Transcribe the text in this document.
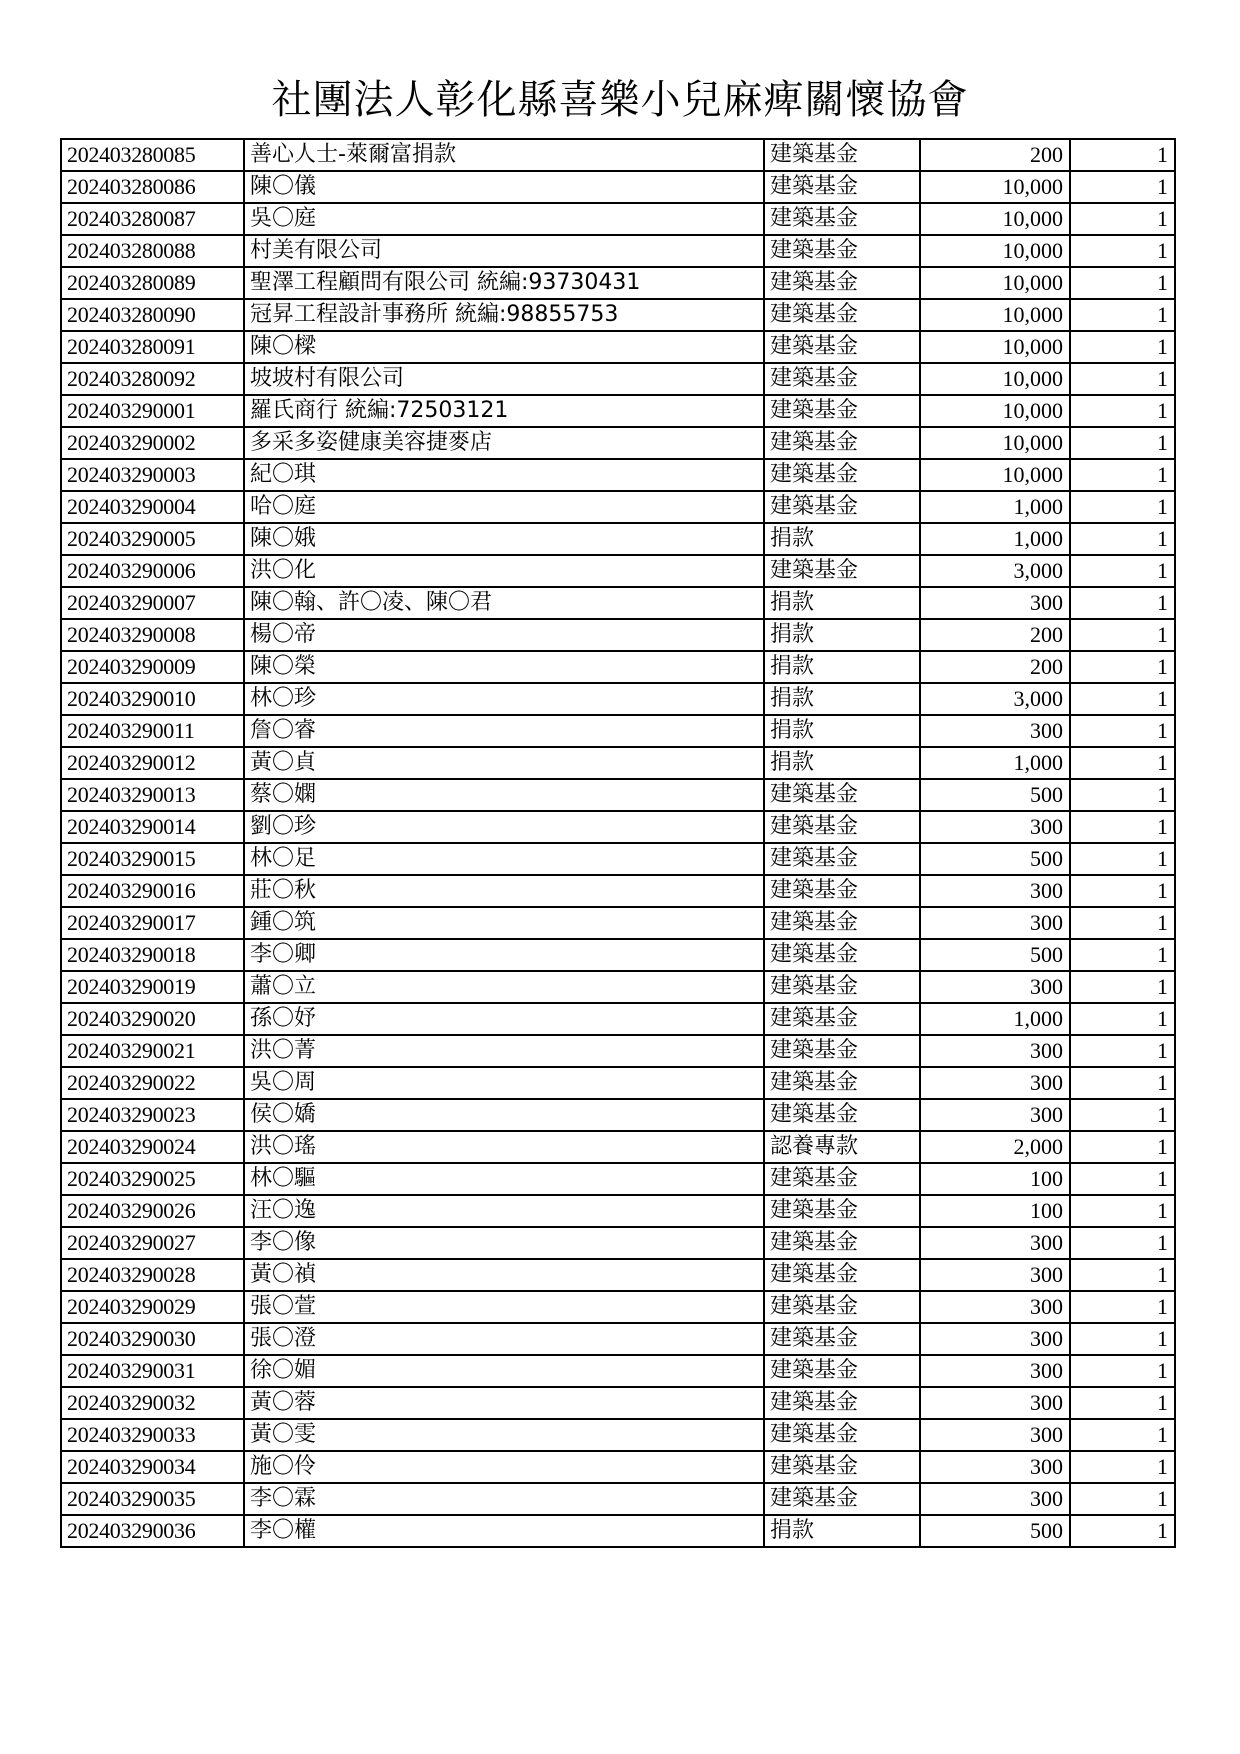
社團法人彰化縣喜樂小兒麻痺關懷協會
202403280085	善心人士-萊爾富捐款	建築基金	200	1
202403280086	陳〇儀	建築基金	10,000	1
202403280087	吳〇庭	建築基金	10,000	1
202403280088	村美有限公司	建築基金	10,000	1
202403280089	聖澤工程顧問有限公司 統編:93730431	建築基金	10,000	1
202403280090	冠昇工程設計事務所 統編:98855753	建築基金	10,000	1
202403280091	陳〇樑	建築基金	10,000	1
202403280092	坡坡村有限公司	建築基金	10,000	1
202403290001	羅氏商行 統編:72503121	建築基金	10,000	1
202403290002	多采多姿健康美容捷麥店	建築基金	10,000	1
202403290003	紀〇琪	建築基金	10,000	1
202403290004	哈〇庭	建築基金	1,000	1
202403290005	陳〇娥	捐款	1,000	1
202403290006	洪〇化	建築基金	3,000	1
202403290007	陳〇翰、許〇凌、陳〇君	捐款	300	1
202403290008	楊〇帝	捐款	200	1
202403290009	陳〇榮	捐款	200	1
202403290010	林〇珍	捐款	3,000	1
202403290011	詹〇睿	捐款	300	1
202403290012	黃〇貞	捐款	1,000	1
202403290013	蔡〇嫻	建築基金	500	1
202403290014	劉〇珍	建築基金	300	1
202403290015	林〇足	建築基金	500	1
202403290016	莊〇秋	建築基金	300	1
202403290017	鍾〇筑	建築基金	300	1
202403290018	李〇卿	建築基金	500	1
202403290019	蕭〇立	建築基金	300	1
202403290020	孫〇妤	建築基金	1,000	1
202403290021	洪〇菁	建築基金	300	1
202403290022	吳〇周	建築基金	300	1
202403290023	侯〇嬌	建築基金	300	1
202403290024	洪〇瑤	認養專款	2,000	1
202403290025	林〇驅	建築基金	100	1
202403290026	汪〇逸	建築基金	100	1
202403290027	李〇像	建築基金	300	1
202403290028	黃〇禎	建築基金	300	1
202403290029	張〇萱	建築基金	300	1
202403290030	張〇澄	建築基金	300	1
202403290031	徐〇媚	建築基金	300	1
202403290032	黃〇蓉	建築基金	300	1
202403290033	黃〇雯	建築基金	300	1
202403290034	施〇伶	建築基金	300	1
202403290035	李〇霖	建築基金	300	1
202403290036	李〇權	捐款	500	1
